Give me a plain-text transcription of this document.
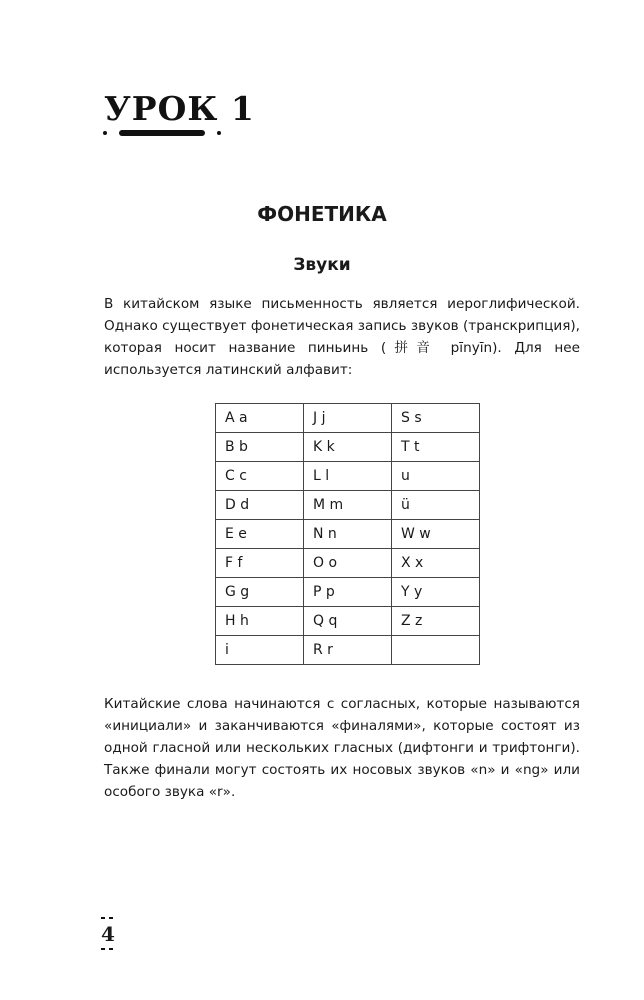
УРОК 1
ФОНЕТИКА
Звуки

В китайском языке письменность является иероглифической. Однако существует фонетическая запись звуков (транскрипция), которая носит название пиньинь (拼音 pīnyīn). Для нее используется латинский алфавит:

A a	J j	S s
B b	K k	T t
C c	L l	u
D d	M m	ü
E e	N n	W w
F f	O o	X x
G g	P p	Y y
H h	Q q	Z z
i	R r	

Китайские слова начинаются с согласных, которые называются «инициали» и заканчиваются «финалями», которые состоят из одной гласной или нескольких гласных (дифтонги и трифтонги). Также финали могут состоять их носовых звуков «n» и «ng» или особого звука «r».

4
